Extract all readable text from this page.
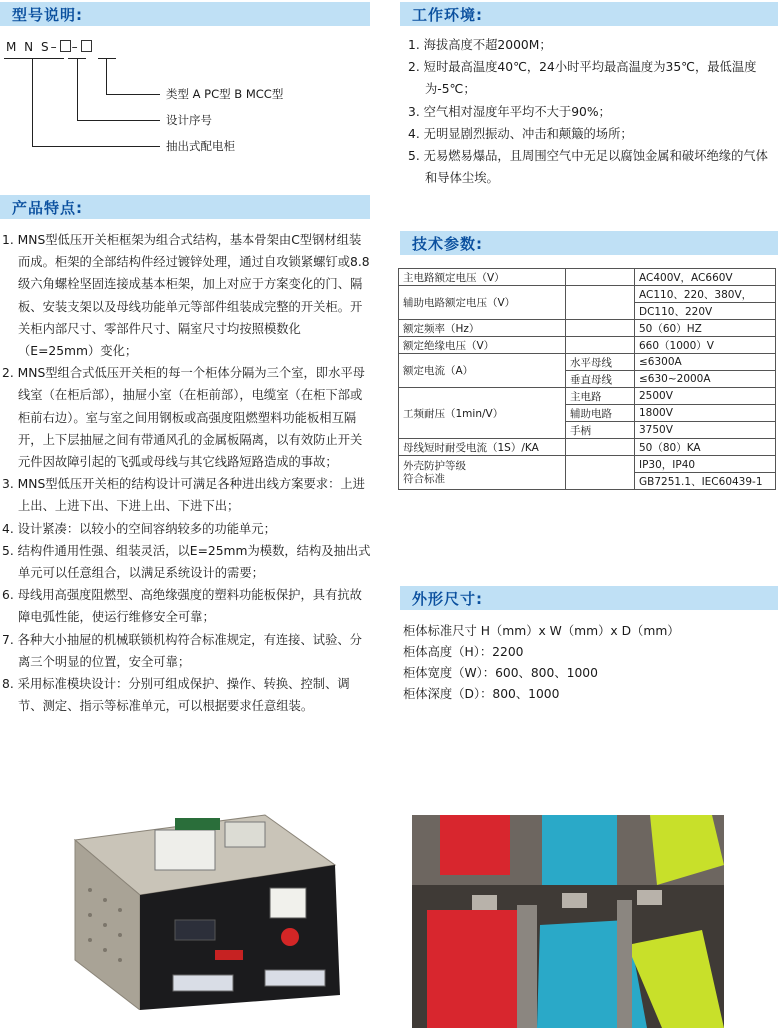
型号说明:
M N S– –
类型 A PC型 B MCC型
设计序号
抽出式配电柜
产品特点:
1. MNS型低压开关柜框架为组合式结构，基本骨架由C型钢材组装而成。柜架的全部结构件经过镀锌处理，通过自攻锁紧螺钉或8.8级六角螺栓坚固连接成基本柜架，加上对应于方案变化的门、隔板、安装支架以及母线功能单元等部件组装成完整的开关柜。开关柜内部尺寸、零部件尺寸、隔室尺寸均按照模数化（E=25mm）变化；
2. MNS型组合式低压开关柜的每一个柜体分隔为三个室，即水平母线室（在柜后部），抽屉小室（在柜前部），电缆室（在柜下部或柜前右边）。室与室之间用钢板或高强度阻燃塑料功能板相互隔开，上下层抽屉之间有带通风孔的金属板隔离，以有效防止开关元件因故障引起的飞弧或母线与其它线路短路造成的事故；
3. MNS型低压开关柜的结构设计可满足各种进出线方案要求：上进上出、上进下出、下进上出、下进下出；
4. 设计紧凑：以较小的空间容纳较多的功能单元；
5. 结构件通用性强、组装灵活，以E=25mm为模数，结构及抽出式单元可以任意组合，以满足系统设计的需要；
6. 母线用高强度阻燃型、高绝缘强度的塑料功能板保护，具有抗故障电弧性能，使运行维修安全可靠；
7. 各种大小抽屉的机械联锁机构符合标准规定，有连接、试验、分离三个明显的位置，安全可靠；
8. 采用标准模块设计：分别可组成保护、操作、转换、控制、调节、测定、指示等标准单元，可以根据要求任意组装。
工作环境:
1. 海拔高度不超2000M；
2. 短时最高温度40℃，24小时平均最高温度为35℃，最低温度为-5℃；
3. 空气相对湿度年平均不大于90%；
4. 无明显剧烈振动、冲击和颠簸的场所；
5. 无易燃易爆品，且周围空气中无足以腐蚀金属和破坏绝缘的气体和导体尘埃。
技术参数:
主电路额定电压（V）		AC400V，AC660V
辅助电路额定电压（V）		AC110、220、380V，
		DC110、220V
额定频率（Hz）		50（60）HZ
额定绝缘电压（V）		660（1000）V
额定电流（A）	水平母线	≤6300A
	垂直母线	≤630~2000A
工频耐压（1min/V）	主电路	2500V
	辅助电路	1800V
	手柄	3750V
母线短时耐受电流（1S）/KA		50（80）KA

外壳防护等级
符合标准		IP30，IP40
		GB7251.1、IEC60439-1
外形尺寸:
柜体标准尺寸 H（mm）x W（mm）x D（mm）
柜体高度（H）：2200
柜体宽度（W）：600、800、1000
柜体深度（D）：800、1000
